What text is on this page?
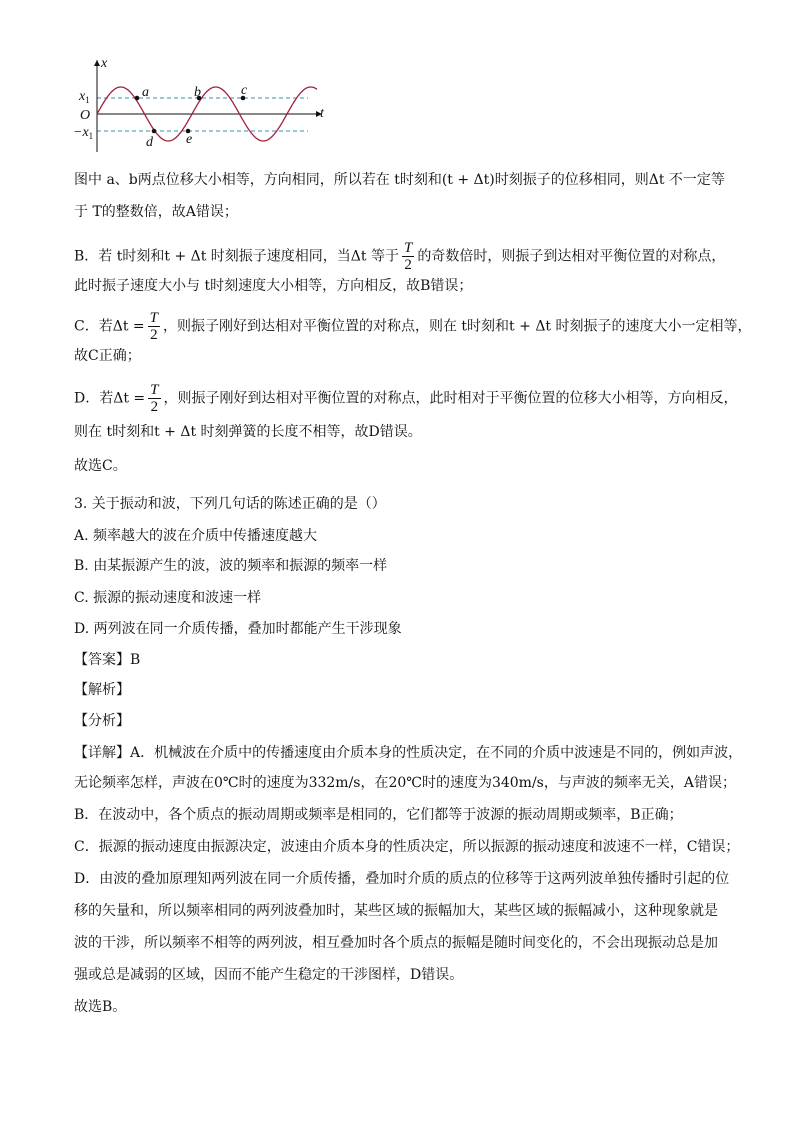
x
t
O
$x_1$
$-x_1$
a	b	c
d e
图中 a、b两点位移大小相等，方向相同，所以若在 t时刻和(t + Δt)时刻振子的位移相同，则Δt 不一定等
于 T的整数倍，故A错误；
B．若 t时刻和t + Δt 时刻振子速度相同，当Δt 等于 $\frac{T}{2}$ 的奇数倍时，则振子到达相对平衡位置的对称点，
此时振子速度大小与 t时刻速度大小相等，方向相反，故B错误；
C．若$\Delta t = \frac{T}{2}$ ，则振子刚好到达相对平衡位置的对称点，则在 t时刻和t + Δt 时刻振子的速度大小一定相等，
故C正确；
D．若$\Delta t = \frac{T}{2}$ ，则振子刚好到达相对平衡位置的对称点，此时相对于平衡位置的位移大小相等，方向相反，
则在 t时刻和t + Δt 时刻弹簧的长度不相等，故D错误。
故选C。
3. 关于振动和波，下列几句话的陈述正确的是（）
A. 频率越大的波在介质中传播速度越大
B. 由某振源产生的波，波的频率和振源的频率一样
C. 振源的振动速度和波速一样
D. 两列波在同一介质传播，叠加时都能产生干涉现象
【答案】B
【解析】
【分析】
【详解】A．机械波在介质中的传播速度由介质本身的性质决定，在不同的介质中波速是不同的，例如声波，
无论频率怎样，声波在0℃时的速度为332m/s，在20℃时的速度为340m/s，与声波的频率无关，A错误；
B．在波动中，各个质点的振动周期或频率是相同的，它们都等于波源的振动周期或频率，B正确；
C．振源的振动速度由振源决定，波速由介质本身的性质决定，所以振源的振动速度和波速不一样，C错误；
D．由波的叠加原理知两列波在同一介质传播，叠加时介质的质点的位移等于这两列波单独传播时引起的位
移的矢量和，所以频率相同的两列波叠加时，某些区域的振幅加大，某些区域的振幅减小，这种现象就是
波的干涉，所以频率不相等的两列波，相互叠加时各个质点的振幅是随时间变化的，不会出现振动总是加
强或总是减弱的区域，因而不能产生稳定的干涉图样，D错误。
故选B。
